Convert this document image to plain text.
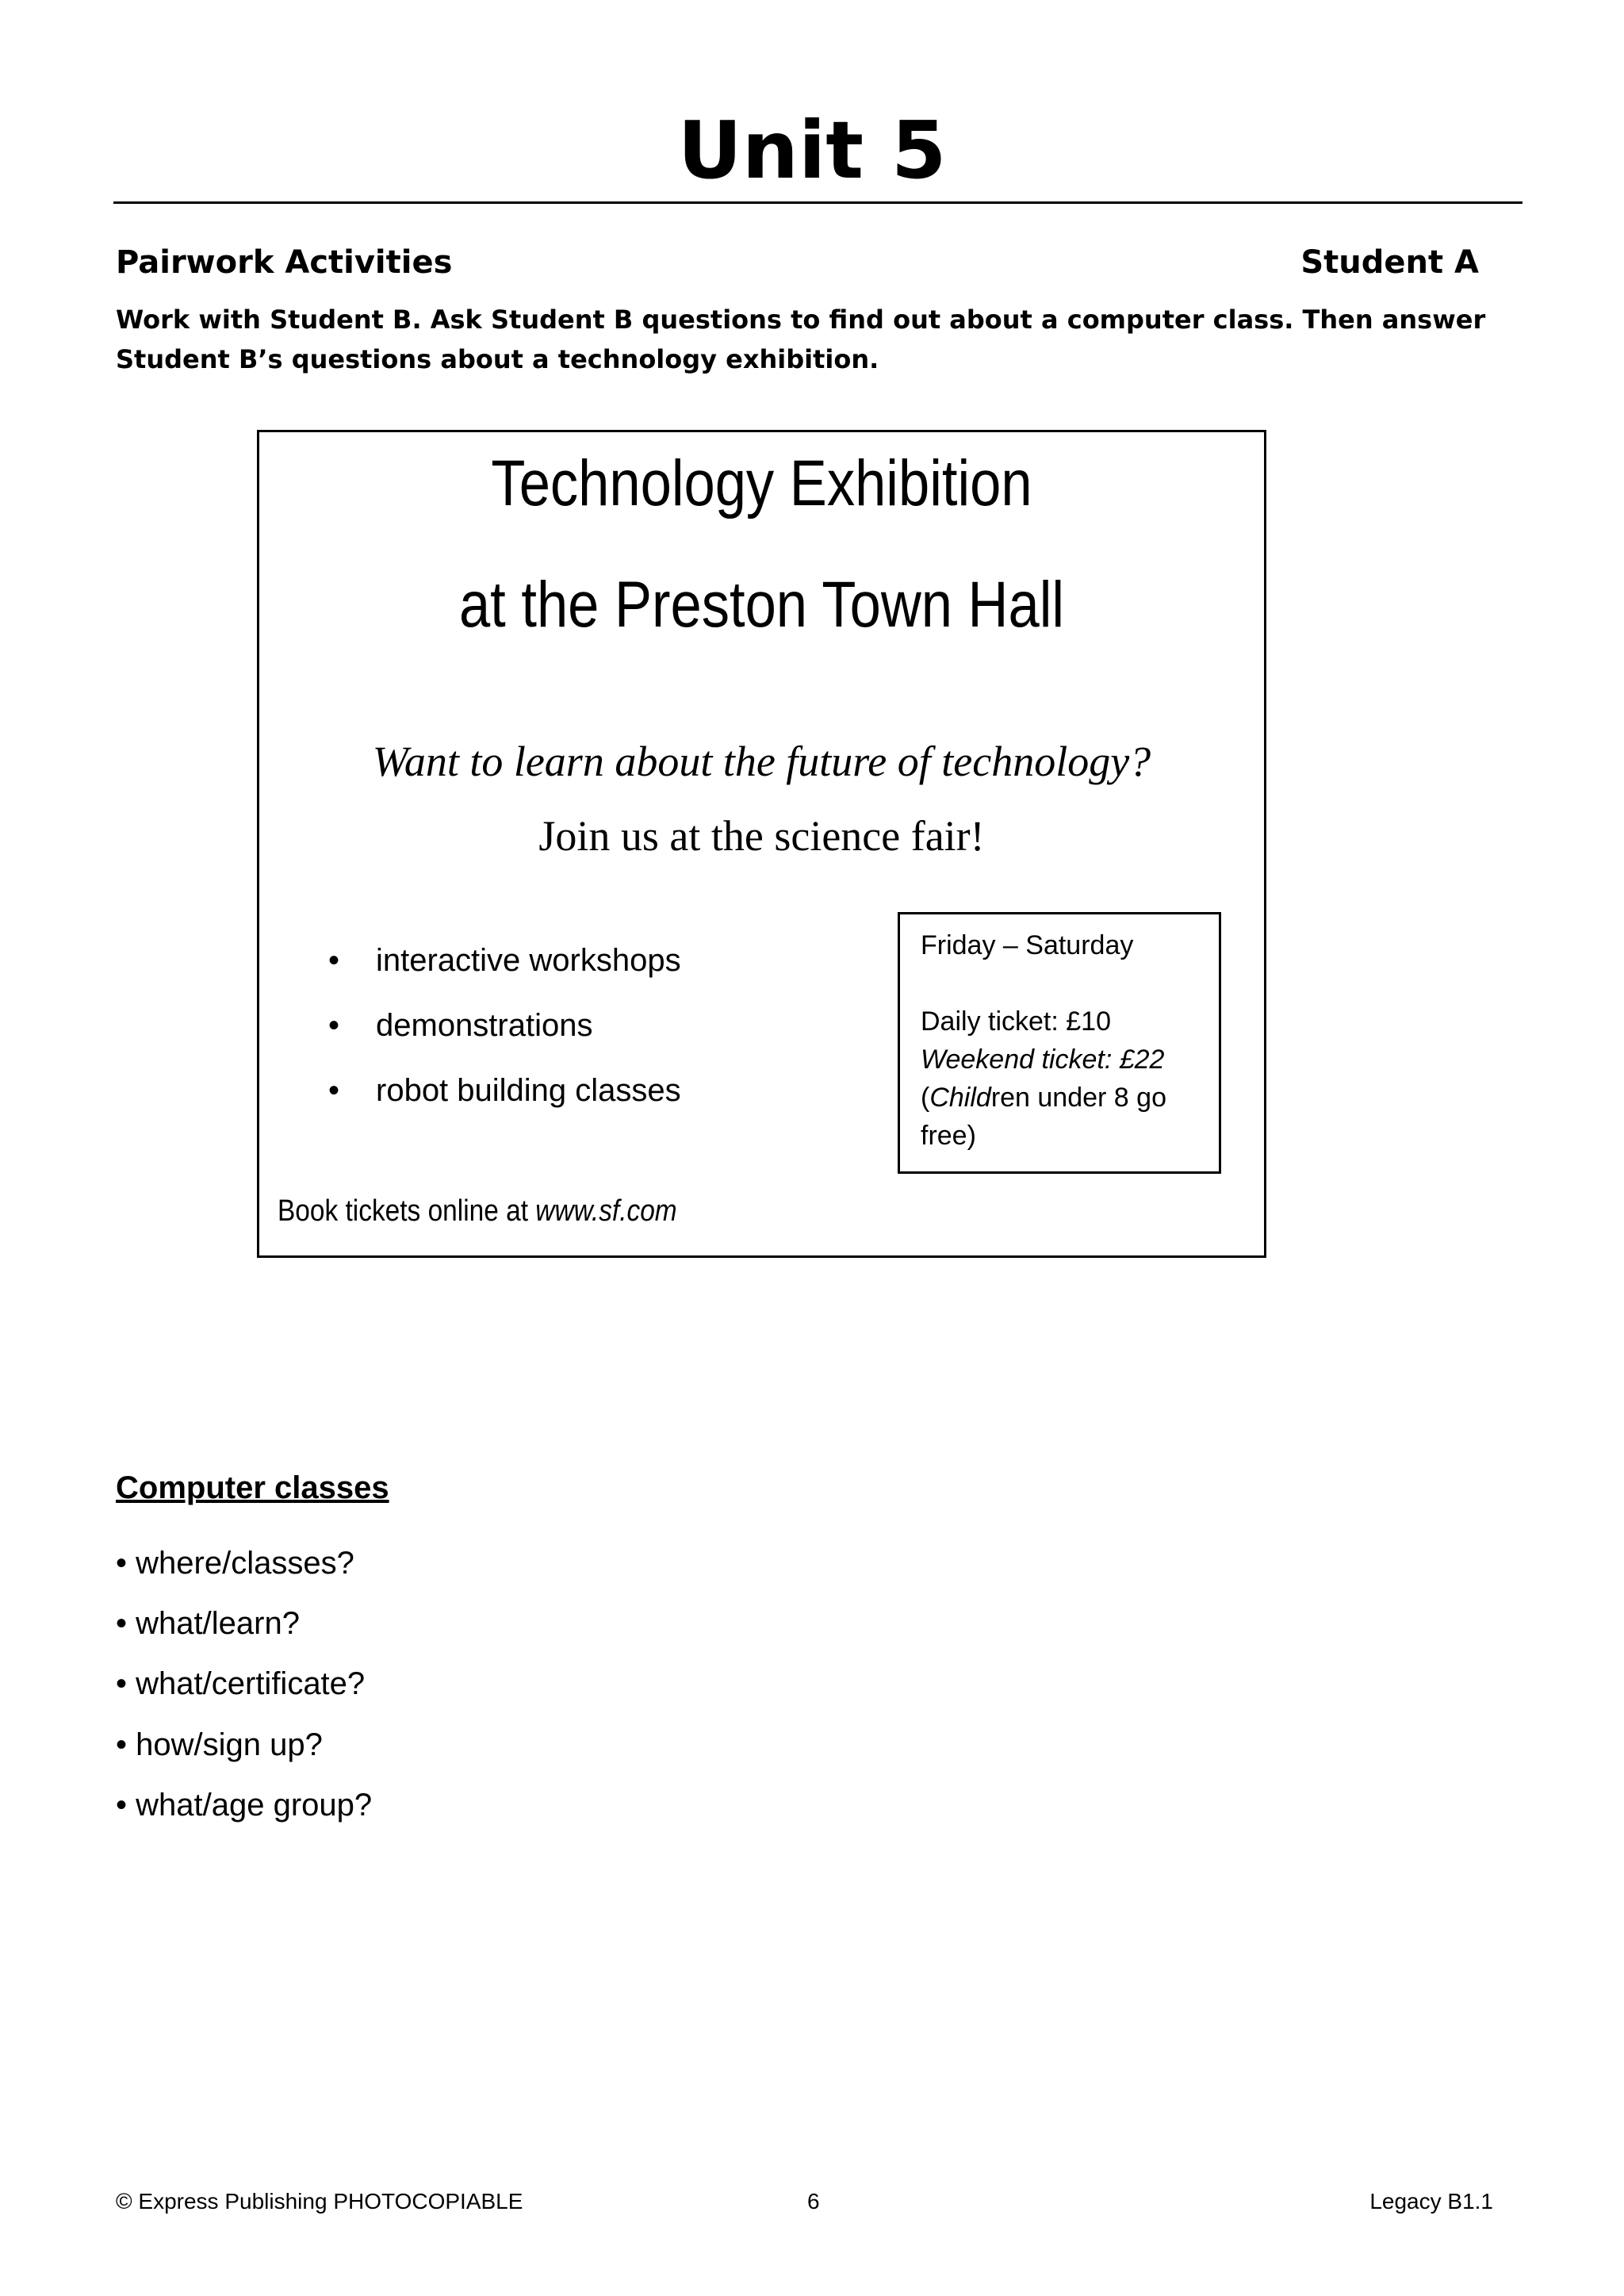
Unit 5
Pairwork Activities	Student A
Work with Student B. Ask Student B questions to find out about a computer class. Then answer Student B’s questions about a technology exhibition.
Technology Exhibition
at the Preston Town Hall
Want to learn about the future of technology?
Join us at the science fair!
• interactive workshops
• demonstrations
• robot building classes
Friday – Saturday
Daily ticket: £10
Weekend ticket: £22
(Children under 8 go free)
Book tickets online at www.sf.com
Computer classes
• where/classes?
• what/learn?
• what/certificate?
• how/sign up?
• what/age group?
© Express Publishing PHOTOCOPIABLE	6	Legacy B1.1
